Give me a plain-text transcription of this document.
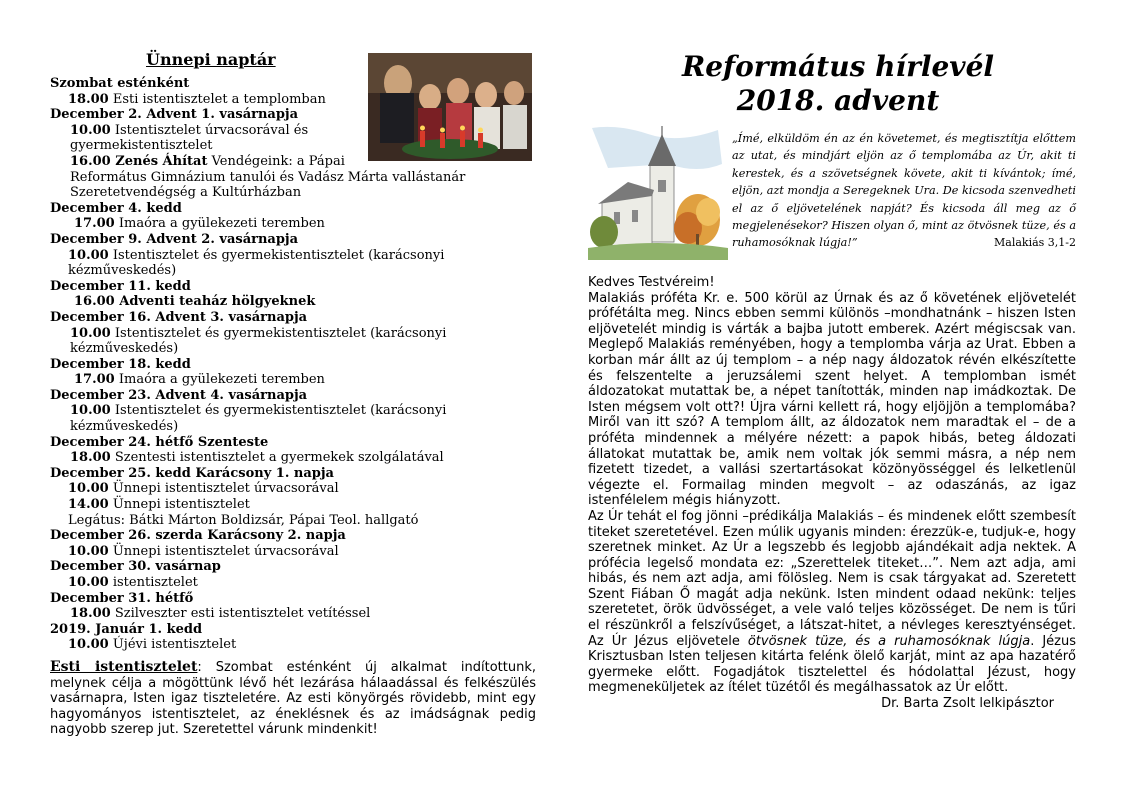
Ünnepi naptár
Szombat esténként
18.00 Esti istentisztelet a templomban
December 2. Advent 1. vasárnapja
10.00 Istentisztelet úrvacsorával és
gyermekistentisztelet
16.00 Zenés Áhítat Vendégeink: a Pápai
Református Gimnázium tanulói és Vadász Márta vallástanár
Szeretetvendégség a Kultúrházban
December 4. kedd
17.00 Imaóra a gyülekezeti teremben
December 9. Advent 2. vasárnapja
10.00 Istentisztelet és gyermekistentisztelet (karácsonyi
kézműveskedés)
December 11. kedd
16.00 Adventi teaház hölgyeknek
December 16. Advent 3. vasárnapja
10.00 Istentisztelet és gyermekistentisztelet (karácsonyi
kézműveskedés)
December 18. kedd
17.00 Imaóra a gyülekezeti teremben
December 23. Advent 4. vasárnapja
10.00 Istentisztelet és gyermekistentisztelet (karácsonyi
kézműveskedés)
December 24. hétfő Szenteste
18.00 Szentesti istentisztelet a gyermekek szolgálatával
December 25. kedd Karácsony 1. napja
10.00 Ünnepi istentisztelet úrvacsorával
14.00 Ünnepi istentisztelet
Legátus: Bátki Márton Boldizsár, Pápai Teol. hallgató
December 26. szerda Karácsony 2. napja
10.00 Ünnepi istentisztelet úrvacsorával
December 30. vasárnap
10.00 istentisztelet
December 31. hétfő
18.00 Szilveszter esti istentisztelet vetítéssel
2019. Január 1. kedd
10.00 Újévi istentisztelet
Esti istentisztelet: Szombat esténként új alkalmat indítottunk, melynek célja a mögöttünk lévő hét lezárása hálaadással és felkészülés vasárnapra, Isten igaz tiszteletére. Az esti könyörgés rövidebb, mint egy hagyományos istentisztelet, az éneklésnek és az imádságnak pedig nagyobb szerep jut. Szeretettel várunk mindenkit!
Református hírlevél
2018. advent
„Ímé, elküldöm én az én követemet, és megtisztítja előttem az utat, és mindjárt eljön az ő templomába az Úr, akit ti kerestek, és a szövetségnek követe, akit ti kívántok; ímé, eljön, azt mondja a Seregeknek Ura. De kicsoda szenvedheti el az ő eljövetelének napját? És kicsoda áll meg az ő megjelenésekor? Hiszen olyan ő, mint az ötvösnek tüze, és a ruhamosóknak lúgja!”	Malakiás 3,1-2

Kedves Testvéreim!

Malakiás próféta Kr. e. 500 körül az Úrnak és az ő követének eljövetelét prófétálta meg. Nincs ebben semmi különös –mondhatnánk – hiszen Isten eljövetelét mindig is várták a bajba jutott emberek. Azért mégiscsak van. Meglepő Malakiás reményében, hogy a templomba várja az Urat. Ebben a korban már állt az új templom – a nép nagy áldozatok révén elkészítette és felszentelte a jeruzsálemi szent helyet. A templomban ismét áldozatokat mutattak be, a népet tanították, minden nap imádkoztak. De Isten mégsem volt ott?! Újra várni kellett rá, hogy eljöjjön a templomába? Miről van itt szó? A templom állt, az áldozatok nem maradtak el – de a próféta mindennek a mélyére nézett: a papok hibás, beteg áldozati állatokat mutattak be, amik nem voltak jók semmi másra, a nép nem fizetett tizedet, a vallási szertartásokat közönyösséggel és lelketlenül végezte el. Formailag minden megvolt – az odaszánás, az igaz istenfélelem mégis hiányzott.

Az Úr tehát el fog jönni –prédikálja Malakiás – és mindenek előtt szembesít titeket szeretetével. Ezen múlik ugyanis minden: érezzük-e, tudjuk-e, hogy szeretnek minket. Az Úr a legszebb és legjobb ajándékait adja nektek. A prófécia legelső mondata ez: „Szerettelek titeket…”. Nem azt adja, ami hibás, és nem azt adja, ami fölösleg. Nem is csak tárgyakat ad. Szeretett Szent Fiában Ő magát adja nekünk. Isten mindent odaad nekünk: teljes szeretetet, örök üdvösséget, a vele való teljes közösséget. De nem is tűri el részünkről a felszívűséget, a látszat-hitet, a névleges keresztyénséget. Az Úr Jézus eljövetele ötvösnek tüze, és a ruhamosóknak lúgja. Jézus Krisztusban Isten teljesen kitárta felénk ölelő karját, mint az apa hazatérő gyermeke előtt. Fogadjátok tisztelettel és hódolattal Jézust, hogy megmeneküljetek az ítélet tüzétől és megálhassatok az Úr előtt.

Dr. Barta Zsolt lelkipásztor
